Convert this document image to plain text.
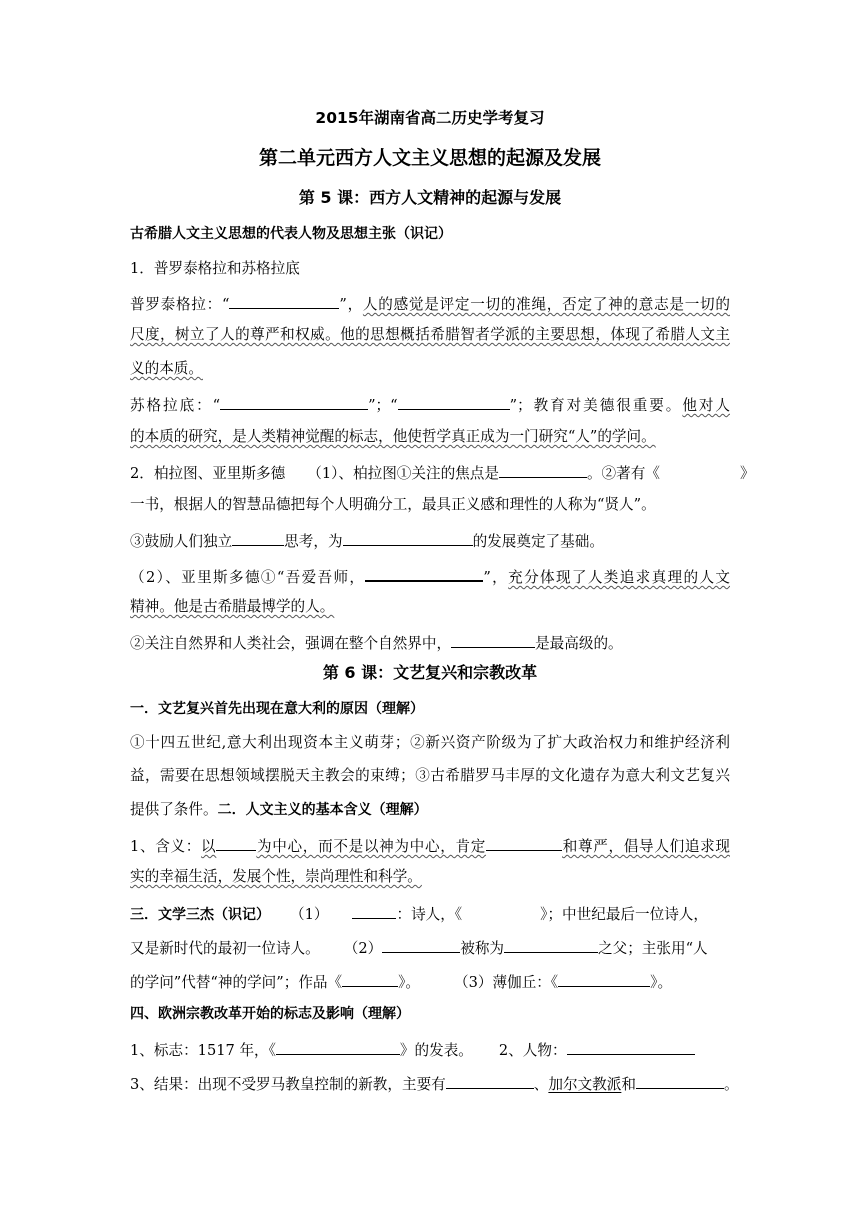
2015年湖南省高二历史学考复习
第二单元西方人文主义思想的起源及发展
第 5 课：西方人文精神的起源与发展
古希腊人文主义思想的代表人物及思想主张（识记）
1．普罗泰格拉和苏格拉底
普罗泰格拉：“	”，人的感觉是评定一切的准绳，否定了神的意志是一切的
尺度，树立了人的尊严和权威。他的思想概括希腊智者学派的主要思想，体现了希腊人文主
义的本质。
苏格拉底：“	”；“	”；教育对美德很重要。他对人
的本质的研究，是人类精神觉醒的标志，他使哲学真正成为一门研究“人”的学问。
2．柏拉图、亚里斯多德 （1）、柏拉图①关注的焦点是	。②著有《	》
一书，根据人的智慧品德把每个人明确分工，最具正义感和理性的人称为“贤人”。
③鼓励人们独立	思考，为	的发展奠定了基础。
（2）、亚里斯多德①“吾爱吾师，	”，充分体现了人类追求真理的人文
精神。他是古希腊最博学的人。
②关注自然界和人类社会，强调在整个自然界中，	是最高级的。
第 6 课：文艺复兴和宗教改革
一．文艺复兴首先出现在意大利的原因（理解）
①十四五世纪,意大利出现资本主义萌芽；②新兴资产阶级为了扩大政治权力和维护经济利
益，需要在思想领域摆脱天主教会的束缚；③古希腊罗马丰厚的文化遗存为意大利文艺复兴
提供了条件。二．人文主义的基本含义（理解）
1、含义：以	为中心，而不是以神为中心，肯定	和尊严，倡导人们追求现
实的幸福生活，发展个性，崇尚理性和科学。
三．文学三杰（识记） （1）	：诗人，《	》；中世纪最后一位诗人，
又是新时代的最初一位诗人。 （2）	被称为	之父；主张用“人
的学问”代替“神的学问”；作品《	》。 （3）薄伽丘：《	》。
四、欧洲宗教改革开始的标志及影响（理解）
1、标志：1517 年，《	》的发表。 2、人物：
3、结果：出现不受罗马教皇控制的新教，主要有	、加尔文教派和	。
